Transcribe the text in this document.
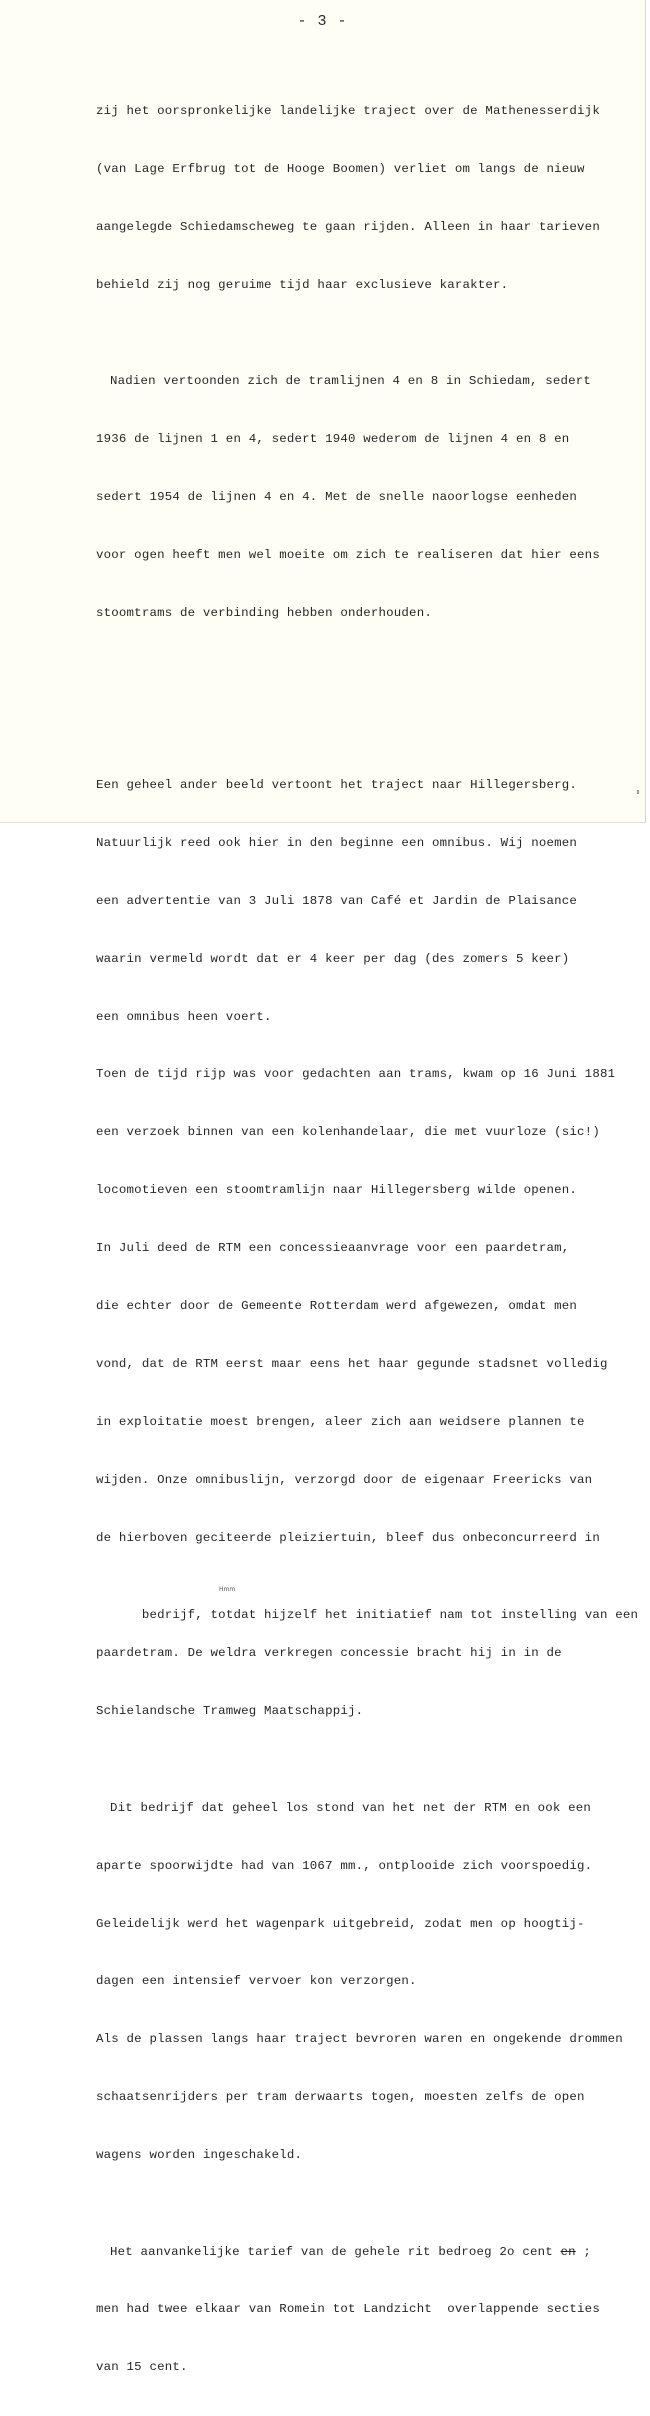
- 3 -

zij het oorspronkelijke landelijke traject over de Mathenesserdijk

(van Lage Erfbrug tot de Hooge Boomen) verliet om langs de nieuw

aangelegde Schiedamscheweg te gaan rijden. Alleen in haar tarieven

behield zij nog geruime tijd haar exclusieve karakter.

Nadien vertoonden zich de tramlijnen 4 en 8 in Schiedam, sedert

1936 de lijnen 1 en 4, sedert 1940 wederom de lijnen 4 en 8 en

sedert 1954 de lijnen 4 en 4. Met de snelle naoorlogse eenheden

voor ogen heeft men wel moeite om zich te realiseren dat hier eens

stoomtrams de verbinding hebben onderhouden.

Een geheel ander beeld vertoont het traject naar Hillegersberg.

Natuurlijk reed ook hier in den beginne een omnibus. Wij noemen

een advertentie van 3 Juli 1878 van Café et Jardin de Plaisance

waarin vermeld wordt dat er 4 keer per dag (des zomers 5 keer)

een omnibus heen voert.

Toen de tijd rijp was voor gedachten aan trams, kwam op 16 Juni 1881

een verzoek binnen van een kolenhandelaar, die met vuurloze (sic!)

locomotieven een stoomtramlijn naar Hillegersberg wilde openen.

In Juli deed de RTM een concessieaanvrage voor een paardetram,

die echter door de Gemeente Rotterdam werd afgewezen, omdat men

vond, dat de RTM eerst maar eens het haar gegunde stadsnet volledig

in exploitatie moest brengen, aleer zich aan weidsere plannen te

wijden. Onze omnibuslijn, verzorgd door de eigenaar Freericks van

de hierboven geciteerde pleiziertuin, bleef dus onbeconcurreerd in

bedrijf, totdat hijzelf het initiatief nam tot instelling van een

Hmm

paardetram. De weldra verkregen concessie bracht hij in in de

Schielandsche Tramweg Maatschappij.

Dit bedrijf dat geheel los stond van het net der RTM en ook een

aparte spoorwijdte had van 1067 mm., ontplooide zich voorspoedig.

Geleidelijk werd het wagenpark uitgebreid, zodat men op hoogtij-

dagen een intensief vervoer kon verzorgen.

Als de plassen langs haar traject bevroren waren en ongekende drommen

schaatsenrijders per tram derwaarts togen, moesten zelfs de open

wagens worden ingeschakeld.

Het aanvankelijke tarief van de gehele rit bedroeg 2o cent en ;

men had twee elkaar van Romein tot Landzicht  overlappende secties

van 15 cent.
